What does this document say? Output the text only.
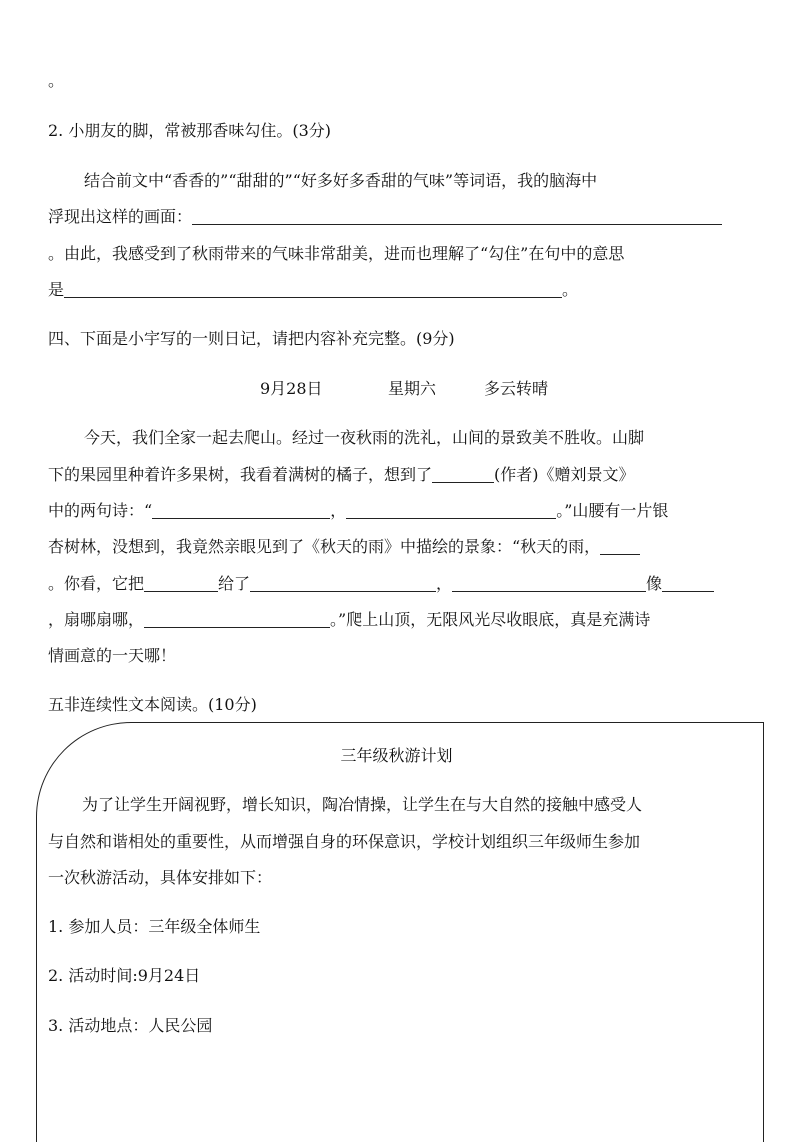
。
2. 小朋友的脚，常被那香味勾住。(3分)
结合前文中“香香的”“甜甜的”“好多好多香甜的气味”等词语，我的脑海中
浮现出这样的画面：
。由此，我感受到了秋雨带来的气味非常甜美，进而也理解了“勾住”在句中的意思
是	。
四、下面是小宇写的一则日记，请把内容补充完整。(9分)
9月28日	星期六	多云转晴
今天，我们全家一起去爬山。经过一夜秋雨的洗礼，山间的景致美不胜收。山脚
下的果园里种着许多果树，我看着满树的橘子，想到了	(作者)《赠刘景文》
中的两句诗：“	，	。”山腰有一片银
杏树林，没想到，我竟然亲眼见到了《秋天的雨》中描绘的景象：“秋天的雨，
。你看，它把	给了	，	像
，扇哪扇哪，	。”爬上山顶，无限风光尽收眼底，真是充满诗
情画意的一天哪！
五非连续性文本阅读。(10分)
三年级秋游计划
为了让学生开阔视野，增长知识，陶冶情操，让学生在与大自然的接触中感受人
与自然和谐相处的重要性，从而增强自身的环保意识，学校计划组织三年级师生参加
一次秋游活动，具体安排如下：
1. 参加人员：三年级全体师生
2. 活动时间:9月24日
3. 活动地点：人民公园
